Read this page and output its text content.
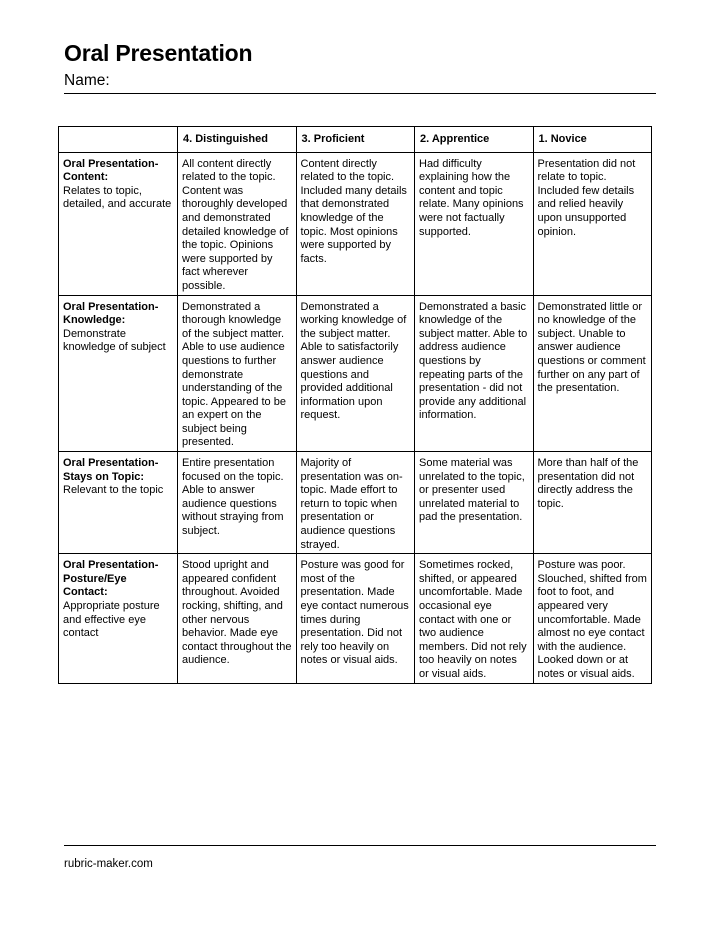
Oral Presentation
Name:
	4. Distinguished	3. Proficient	2. Apprentice	1. Novice

Oral Presentation-Content:
Relates to topic, detailed, and accurate	All content directly related to the topic. Content was thoroughly developed and demonstrated detailed knowledge of the topic. Opinions were supported by fact wherever possible.	Content directly related to the topic. Included many details that demonstrated knowledge of the topic. Most opinions were supported by facts.	Had difficulty explaining how the content and topic relate. Many opinions were not factually supported.	Presentation did not relate to topic. Included few details and relied heavily upon unsupported opinion.

Oral Presentation-Knowledge:
Demonstrate knowledge of subject	Demonstrated a thorough knowledge of the subject matter. Able to use audience questions to further demonstrate understanding of the topic. Appeared to be an expert on the subject being presented.	Demonstrated a working knowledge of the subject matter. Able to satisfactorily answer audience questions and provided additional information upon request.	Demonstrated a basic knowledge of the subject matter. Able to address audience questions by repeating parts of the presentation - did not provide any additional information.	Demonstrated little or no knowledge of the subject. Unable to answer audience questions or comment further on any part of the presentation.

Oral Presentation-Stays on Topic:
Relevant to the topic	Entire presentation focused on the topic. Able to answer audience questions without straying from subject.	Majority of presentation was on-topic. Made effort to return to topic when presentation or audience questions strayed.	Some material was unrelated to the topic, or presenter used unrelated material to pad the presentation.	More than half of the presentation did not directly address the topic.

Oral Presentation-Posture/Eye Contact:
Appropriate posture and effective eye contact	Stood upright and appeared confident throughout. Avoided rocking, shifting, and other nervous behavior. Made eye contact throughout the audience.	Posture was good for most of the presentation. Made eye contact numerous times during presentation. Did not rely too heavily on notes or visual aids.	Sometimes rocked, shifted, or appeared uncomfortable. Made occasional eye contact with one or two audience members. Did not rely too heavily on notes or visual aids.	Posture was poor. Slouched, shifted from foot to foot, and appeared very uncomfortable. Made almost no eye contact with the audience. Looked down or at notes or visual aids.
rubric-maker.com
